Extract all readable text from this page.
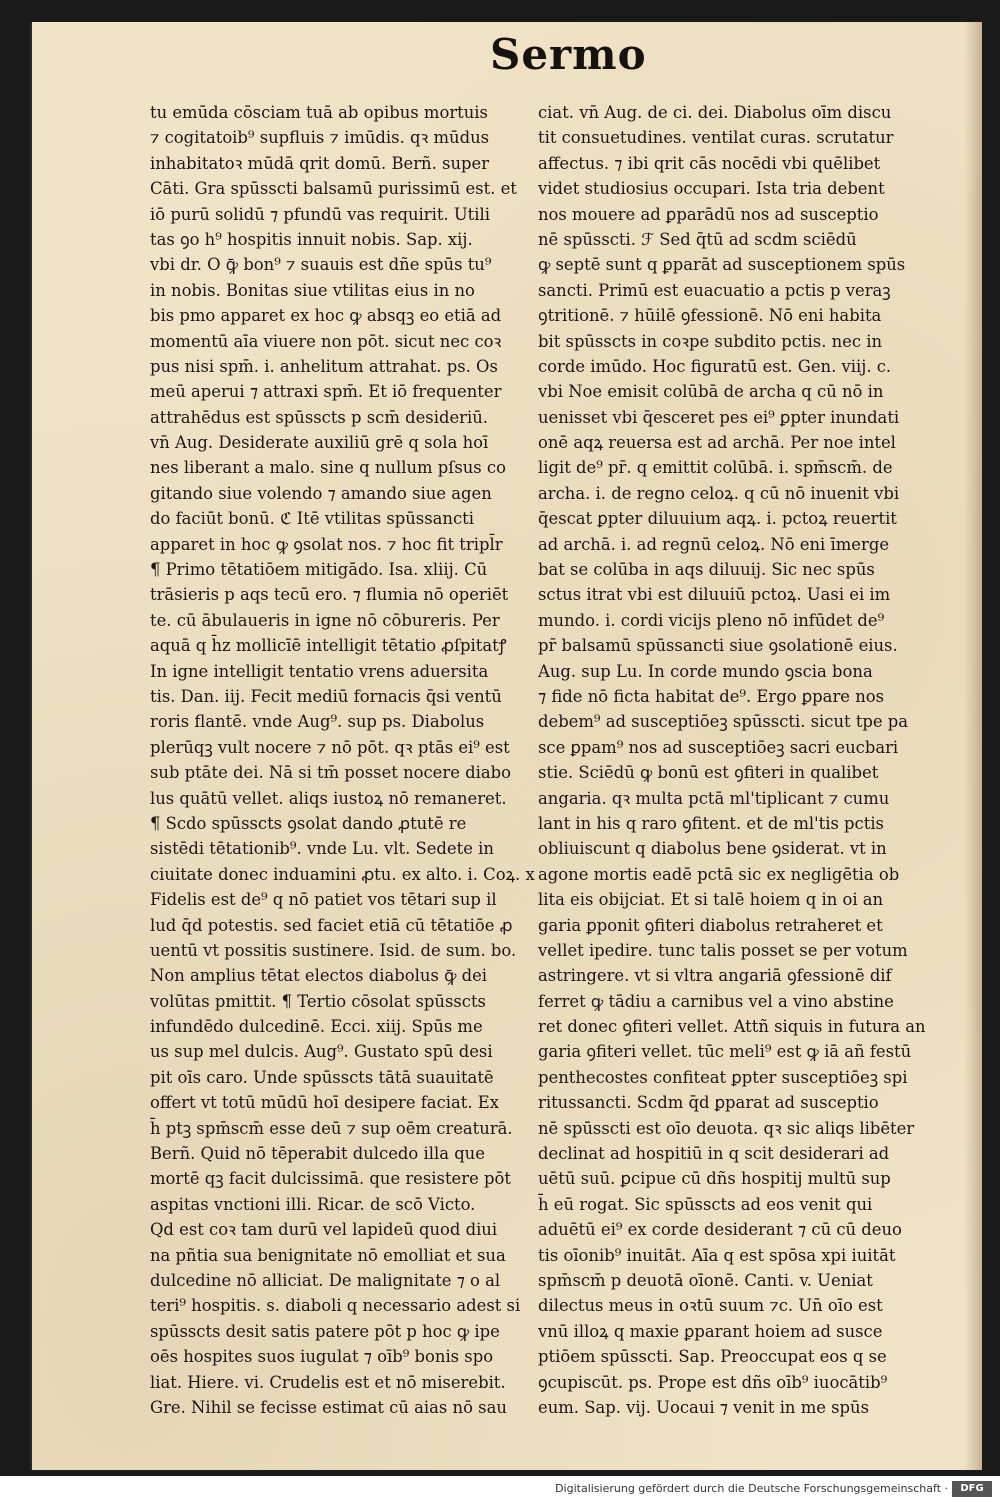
Sermo
tu emūda cōsciam tuā ab opibus mortuis
⁊ cogitatoib⁹ supfluis ⁊ imūdis. qꝛ mūdus
inhabitatoꝛ mūdā qrit domū. Berñ. super
Cāti. Gra spūsscti balsamū purissimū est. et
iō purū solidū ⁊ pfundū vas requirit. Utili
tas ꝯo h⁹ hospitis innuit nobis. Sap. xij.
vbi dr. O ꝙ̄ bon⁹ ⁊ suauis est dñe spūs tu⁹
in nobis. Bonitas siue vtilitas eius in no
bis pmo apparet ex hoc ꝙ absqꝫ eo etiā ad
momentū aīa viuere non pōt. sicut nec coꝛ
pus nisi spm̄. i. anhelitum attrahat. ps. Os
meū aperui ⁊ attraxi spm̄. Et iō frequenter
attrahēdus est spūsscts p scm̄ desideriū.
vn̄ Aug. Desiderate auxiliū grē q sola hoī
nes liberant a malo. sine q nullum pſsus co
gitando siue volendo ⁊ amando siue agen
do faciūt bonū. ℭ Itē vtilitas spūssancti
apparet in hoc ꝙ ꝯsolat nos. ⁊ hoc fit tripl̄r
¶ Primo tētatiōem mitigādo. Isa. xliij. Cū
trāsieris p aqs tecū ero. ⁊ flumia nō operiēt
te. cū ābulaueris in igne nō cōbureris. Per
aquā q h̄z mollicīē intelligit tētatio ꝓſpitatꝭ
In igne intelligit tentatio vrens aduersita
tis. Dan. iij. Fecit mediū fornacis q̄si ventū
roris flantē. vnde Aug⁹. sup ps. Diabolus
plerūqꝫ vult nocere ⁊ nō pōt. qꝛ ptās ei⁹ est
sub ptāte dei. Nā si tm̄ posset nocere diabo
lus quātū vellet. aliqs iustoꝝ nō remaneret.
¶ Scdo spūsscts ꝯsolat dando ꝓtutē re
sistēdi tētationib⁹. vnde Lu. vlt. Sedete in
ciuitate donec induamini ꝓtu. ex alto. i. Coꝝ. x
Fidelis est de⁹ q nō patiet vos tētari sup il
lud q̄d potestis. sed faciet etiā cū tētatiōe ꝓ
uentū vt possitis sustinere. Isid. de sum. bo.
Non amplius tētat electos diabolus ꝙ̄ dei
volūtas pmittit. ¶ Tertio cōsolat spūsscts
infundēdo dulcedinē. Ecci. xiij. Spūs me
us sup mel dulcis. Aug⁹. Gustato spū desi
pit oīs caro. Unde spūsscts tātā suauitatē
offert vt totū mūdū hoī desipere faciat. Ex
h̄ ptꝫ spm̄scm̄ esse deū ⁊ sup oēm creaturā.
Berñ. Quid nō tēperabit dulcedo illa que
mortē qꝫ facit dulcissimā. que resistere pōt
aspitas vnctioni illi. Ricar. de scō Victo.
Qd est coꝛ tam durū vel lapideū quod diui
na pñtia sua benignitate nō emolliat et sua
dulcedine nō alliciat. De malignitate ⁊ o al
teri⁹ hospitis. s. diaboli q necessario adest si
spūsscts desit satis patere pōt p hoc ꝙ ipe
oēs hospites suos iugulat ⁊ oīb⁹ bonis spo
liat. Hiere. vi. Crudelis est et nō miserebit.
Gre. Nihil se fecisse estimat cū aias nō sau
ciat. vn̄ Aug. de ci. dei. Diabolus oīm discu
tit consuetudines. ventilat curas. scrutatur
affectus. ⁊ ibi qrit cās nocēdi vbi quēlibet
videt studiosius occupari. Ista tria debent
nos mouere ad ꝑparādū nos ad susceptio
nē spūsscti. ℱ Sed q̄tū ad scdm sciēdū
ꝙ septē sunt q ꝑparāt ad susceptionem spūs
sancti. Primū est euacuatio a pctis p veraꝫ
ꝯtritionē. ⁊ hūilē ꝯfessionē. Nō eni habita
bit spūsscts in coꝛpe subdito pctis. nec in
corde imūdo. Hoc figuratū est. Gen. viij. c.
vbi Noe emisit colūbā de archa q cū nō in
uenisset vbi q̄esceret pes ei⁹ ꝑpter inundati
onē aqꝝ reuersa est ad archā. Per noe intel
ligit de⁹ pr̄. q emittit colūbā. i. spm̄scm̄. de
archa. i. de regno celoꝝ. q cū nō inuenit vbi
q̄escat ꝑpter diluuium aqꝝ. i. pctoꝝ reuertit
ad archā. i. ad regnū celoꝝ. Nō eni īmerge
bat se colūba in aqs diluuij. Sic nec spūs
sctus itrat vbi est diluuiū pctoꝝ. Uasi ei im
mundo. i. cordi vicijs pleno nō infūdet de⁹
pr̄ balsamū spūssancti siue ꝯsolationē eius.
Aug. sup Lu. In corde mundo ꝯscia bona
⁊ fide nō ficta habitat de⁹. Ergo ꝑpare nos
debem⁹ ad susceptiōeꝫ spūsscti. sicut tpe pa
sce ꝑpam⁹ nos ad susceptiōeꝫ sacri eucbari
stie. Sciēdū ꝙ bonū est ꝯfiteri in qualibet
angaria. qꝛ multa pctā ml'tiplicant ⁊ cumu
lant in his q raro ꝯfitent. et de ml'tis pctis
obliuiscunt q diabolus bene ꝯsiderat. vt in
agone mortis eadē pctā sic ex negligētia ob
lita eis obijciat. Et si talē hoiem q in oi an
garia ꝑponit ꝯfiteri diabolus retraheret et
vellet ipedire. tunc talis posset se per votum
astringere. vt si vltra angariā ꝯfessionē dif
ferret ꝙ tādiu a carnibus vel a vino abstine
ret donec ꝯfiteri vellet. Attñ siquis in futura an
garia ꝯfiteri vellet. tūc meli⁹ est ꝙ iā añ festū
penthecostes confiteat ꝑpter susceptiōeꝫ spi
ritussancti. Scdm q̄d ꝑparat ad susceptio
nē spūsscti est oīo deuota. qꝛ sic aliqs libēter
declinat ad hospitiū in q scit desiderari ad
uētū suū. ꝑcipue cū dñs hospitij multū sup
h̄ eū rogat. Sic spūsscts ad eos venit qui
aduētū ei⁹ ex corde desiderant ⁊ cū cū deuo
tis oīonib⁹ inuitāt. Aīa q est spōsa xpi iuitāt
spm̄scm̄ p deuotā oīonē. Canti. v. Ueniat
dilectus meus in oꝛtū suum ⁊c. Un̄ oīo est
vnū illoꝝ q maxie ꝑparant hoiem ad susce
ptiōem spūsscti. Sap. Preoccupat eos q se
ꝯcupiscūt. ps. Prope est dñs oīb⁹ iuocātib⁹
eum. Sap. vij. Uocaui ⁊ venit in me spūs
Digitalisierung gefördert durch die Deutsche Forschungsgemeinschaft ·	DFG
